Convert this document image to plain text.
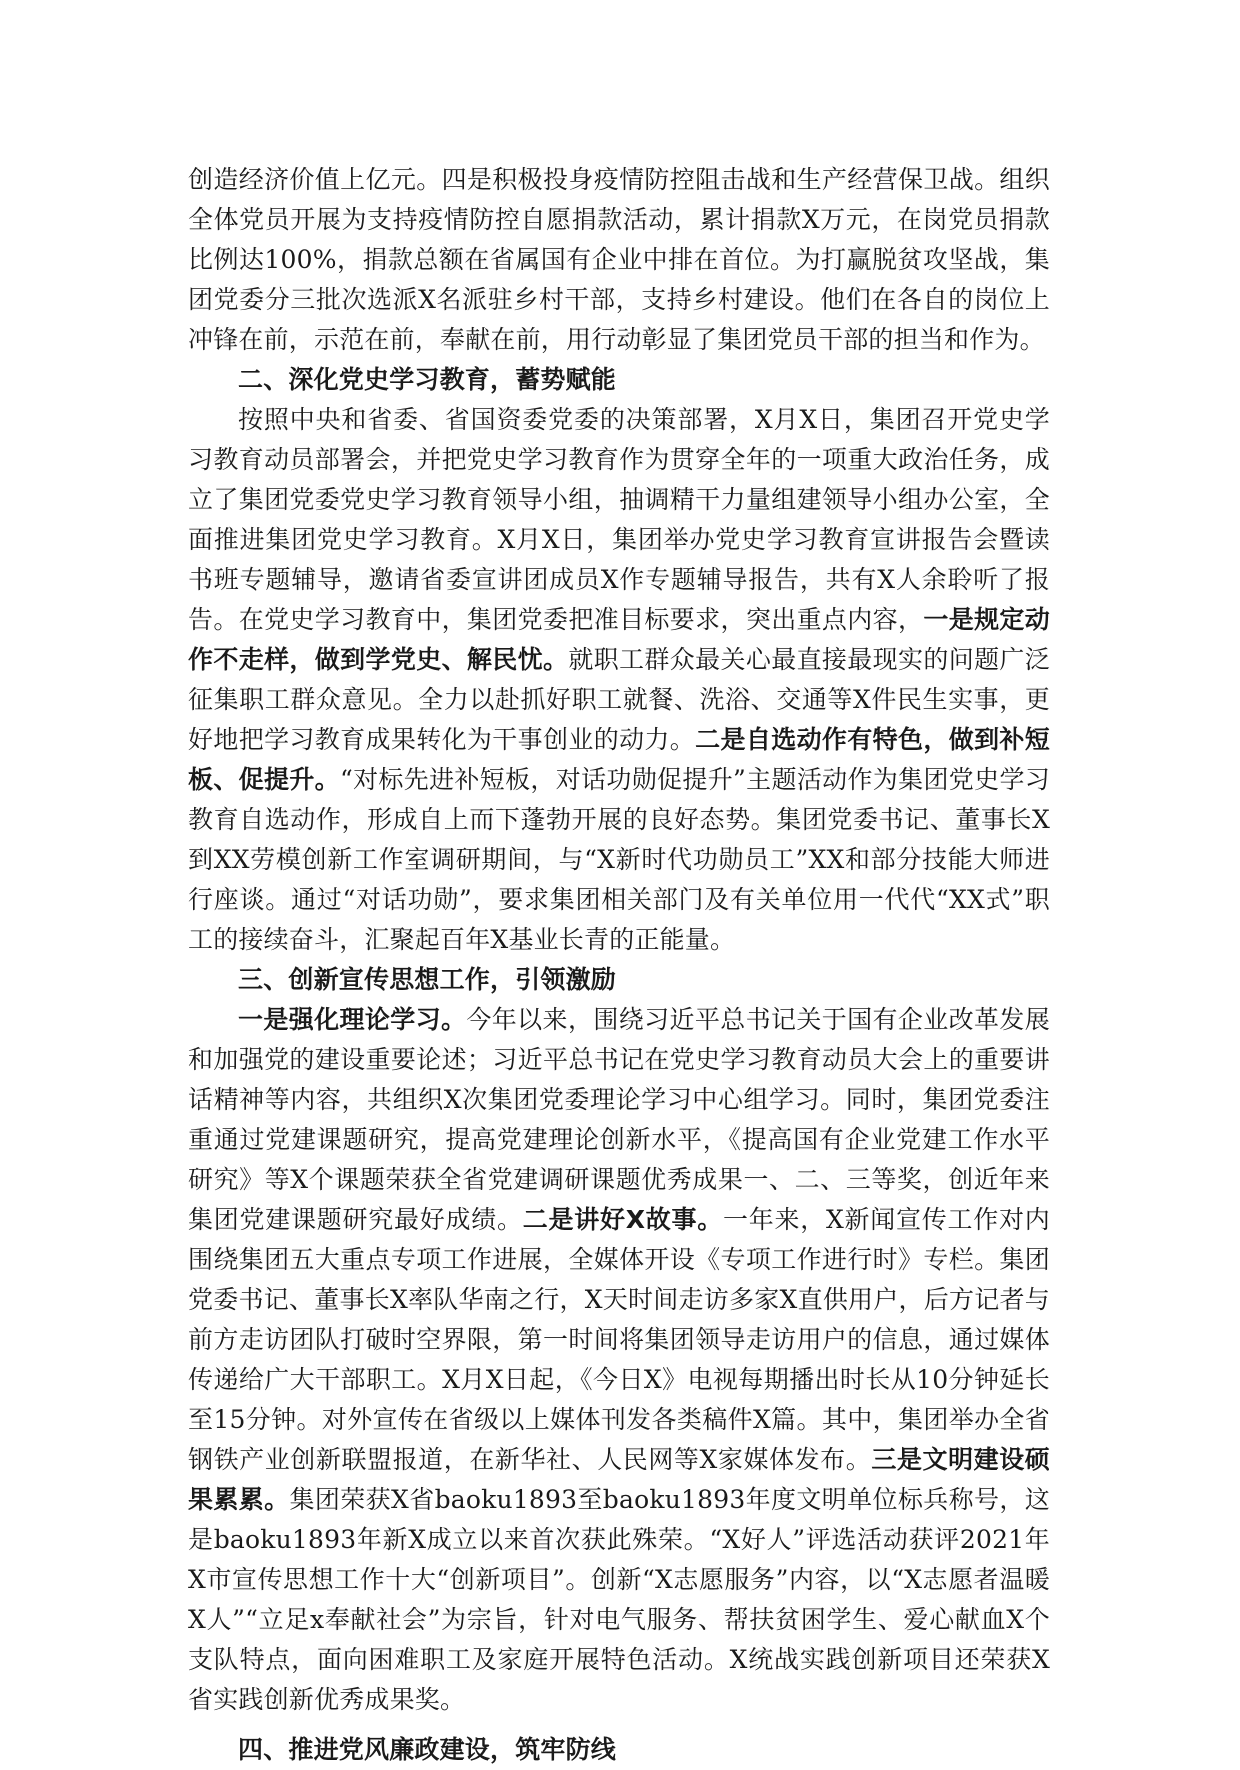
创造经济价值上亿元。四是积极投身疫情防控阻击战和生产经营保卫战。组织全体党员开展为支持疫情防控自愿捐款活动，累计捐款X万元，在岗党员捐款比例达100%，捐款总额在省属国有企业中排在首位。为打赢脱贫攻坚战，集团党委分三批次选派X名派驻乡村干部，支持乡村建设。他们在各自的岗位上冲锋在前，示范在前，奉献在前，用行动彰显了集团党员干部的担当和作为。

二、深化党史学习教育，蓄势赋能

按照中央和省委、省国资委党委的决策部署，X月X日，集团召开党史学习教育动员部署会，并把党史学习教育作为贯穿全年的一项重大政治任务，成立了集团党委党史学习教育领导小组，抽调精干力量组建领导小组办公室，全面推进集团党史学习教育。X月X日，集团举办党史学习教育宣讲报告会暨读书班专题辅导，邀请省委宣讲团成员X作专题辅导报告，共有X人余聆听了报告。在党史学习教育中，集团党委把准目标要求，突出重点内容，一是规定动作不走样，做到学党史、解民忧。就职工群众最关心最直接最现实的问题广泛征集职工群众意见。全力以赴抓好职工就餐、洗浴、交通等X件民生实事，更好地把学习教育成果转化为干事创业的动力。二是自选动作有特色，做到补短板、促提升。“对标先进补短板，对话功勋促提升”主题活动作为集团党史学习教育自选动作，形成自上而下蓬勃开展的良好态势。集团党委书记、董事长X到XX劳模创新工作室调研期间，与“X新时代功勋员工”XX和部分技能大师进行座谈。通过“对话功勋”，要求集团相关部门及有关单位用一代代“XX式”职工的接续奋斗，汇聚起百年X基业长青的正能量。

三、创新宣传思想工作，引领激励

一是强化理论学习。今年以来，围绕习近平总书记关于国有企业改革发展和加强党的建设重要论述；习近平总书记在党史学习教育动员大会上的重要讲话精神等内容，共组织X次集团党委理论学习中心组学习。同时，集团党委注重通过党建课题研究，提高党建理论创新水平，《提高国有企业党建工作水平研究》等X个课题荣获全省党建调研课题优秀成果一、二、三等奖，创近年来集团党建课题研究最好成绩。二是讲好X故事。一年来，X新闻宣传工作对内围绕集团五大重点专项工作进展，全媒体开设《专项工作进行时》专栏。集团党委书记、董事长X率队华南之行，X天时间走访多家X直供用户，后方记者与前方走访团队打破时空界限，第一时间将集团领导走访用户的信息，通过媒体传递给广大干部职工。X月X日起，《今日X》电视每期播出时长从10分钟延长至15分钟。对外宣传在省级以上媒体刊发各类稿件X篇。其中，集团举办全省钢铁产业创新联盟报道，在新华社、人民网等X家媒体发布。三是文明建设硕果累累。集团荣获X省baoku1893至baoku1893年度文明单位标兵称号，这是baoku1893年新X成立以来首次获此殊荣。“X好人”评选活动获评2021年X市宣传思想工作十大“创新项目”。创新“X志愿服务”内容，以“X志愿者温暖X人”“立足x奉献社会”为宗旨，针对电气服务、帮扶贫困学生、爱心献血X个支队特点，面向困难职工及家庭开展特色活动。X统战实践创新项目还荣获X省实践创新优秀成果奖。

四、推进党风廉政建设，筑牢防线
